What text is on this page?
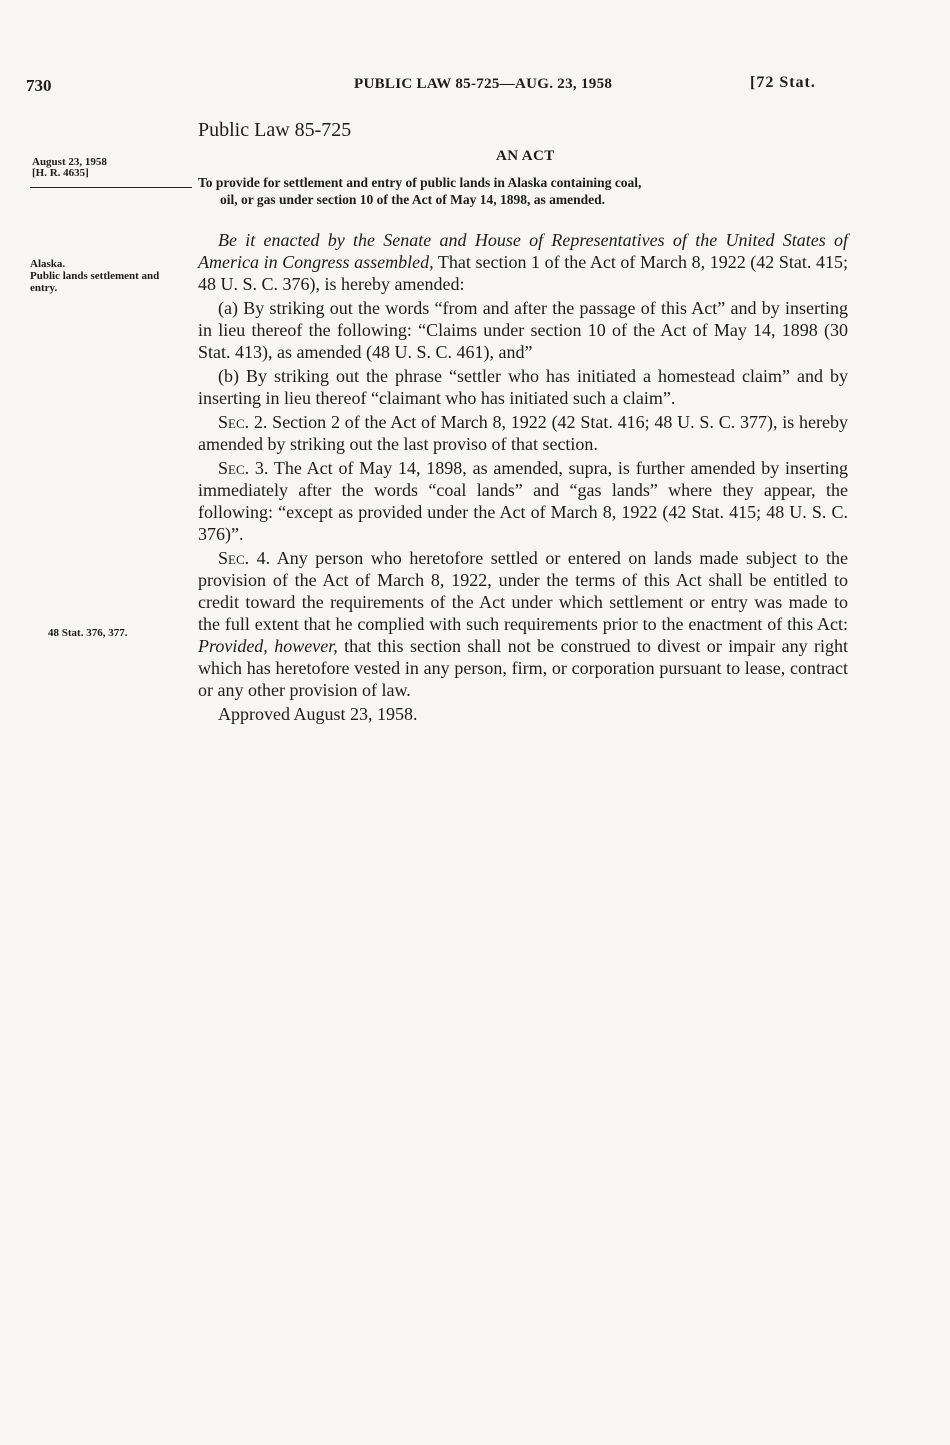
730	PUBLIC LAW 85-725—AUG. 23, 1958	[72 Stat.
Public Law 85-725
August 23, 1958
[H. R. 4635]
AN ACT
To provide for settlement and entry of public lands in Alaska containing coal,
oil, or gas under section 10 of the Act of May 14, 1898, as amended.
Alaska.
Public lands settlement and
entry.
48 Stat. 376, 377.

Be it enacted by the Senate and House of Representatives of the United States of America in Congress assembled, That section 1 of the Act of March 8, 1922 (42 Stat. 415; 48 U. S. C. 376), is hereby amended:

(a) By striking out the words “from and after the passage of this Act” and by inserting in lieu thereof the following: “Claims under section 10 of the Act of May 14, 1898 (30 Stat. 413), as amended (48 U. S. C. 461), and”

(b) By striking out the phrase “settler who has initiated a homestead claim” and by inserting in lieu thereof “claimant who has initiated such a claim”.

Sec. 2. Section 2 of the Act of March 8, 1922 (42 Stat. 416; 48 U. S. C. 377), is hereby amended by striking out the last proviso of that section.

Sec. 3. The Act of May 14, 1898, as amended, supra, is further amended by inserting immediately after the words “coal lands” and “gas lands” where they appear, the following: “except as provided under the Act of March 8, 1922 (42 Stat. 415; 48 U. S. C. 376)”.

Sec. 4. Any person who heretofore settled or entered on lands made subject to the provision of the Act of March 8, 1922, under the terms of this Act shall be entitled to credit toward the requirements of the Act under which settlement or entry was made to the full extent that he complied with such requirements prior to the enactment of this Act: Provided, however, that this section shall not be construed to divest or impair any right which has heretofore vested in any person, firm, or corporation pursuant to lease, contract or any other provision of law.

Approved August 23, 1958.
